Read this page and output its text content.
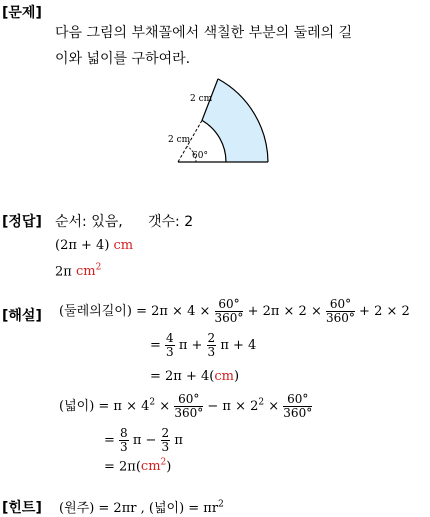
[문제]
다음 그림의 부채꼴에서 색칠한 부분의 둘레의 길
이와 넓이를 구하여라.
2 cm
2 cm
60°
[정답] 순서: 있음, 갯수: 2
(2π + 4) cm
2π $cm^2$
[해설] (둘레의길이) = $2\pi \times 4 \times \frac{60^\circ}{360^\circ} + 2\pi \times 2 \times \frac{60^\circ}{360^\circ} + 2 \times 2$
= $\frac{4}{3}$ $\pi + \frac{2}{3}$ π + 4
= 2π + 4(cm)
(넓이) = $\pi \times 4^2 \times \frac{60^\circ}{360^\circ} - \pi \times 2^2 \times \frac{60^\circ}{360^\circ}$
= $\frac{8}{3}$ $\pi - \frac{2}{3}$ π
= $2\pi(cm^2)$
[힌트] (원주) = 2πr , (넓이) = $\pi r^2$
